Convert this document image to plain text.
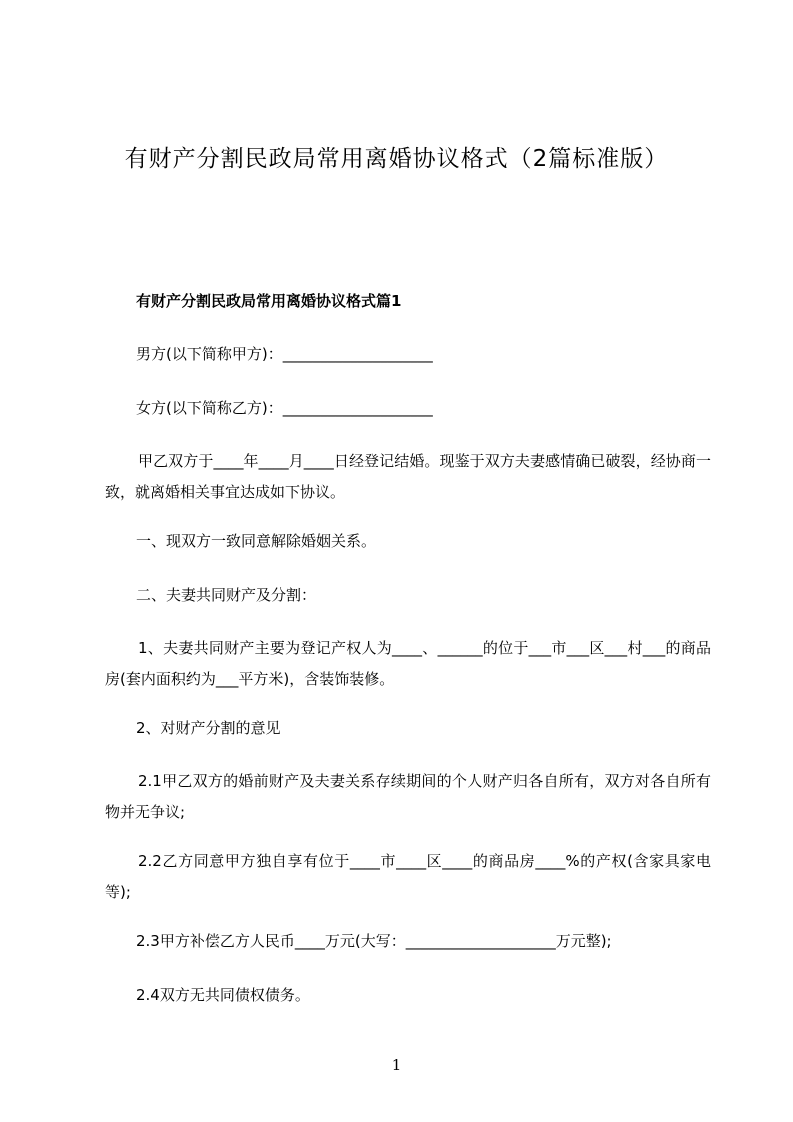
有财产分割民政局常用离婚协议格式（2篇标准版）
有财产分割民政局常用离婚协议格式篇1
男方(以下简称甲方)：____________________
女方(以下简称乙方)：____________________
甲乙双方于____年____月____日经登记结婚。现鉴于双方夫妻感情确已破裂，经协商一致，就离婚相关事宜达成如下协议。
一、现双方一致同意解除婚姻关系。
二、夫妻共同财产及分割：
1、夫妻共同财产主要为登记产权人为____、______的位于___市___区___村___的商品房(套内面积约为___平方米)，含装饰装修。
2、对财产分割的意见
2.1甲乙双方的婚前财产及夫妻关系存续期间的个人财产归各自所有，双方对各自所有物并无争议;
2.2乙方同意甲方独自享有位于____市____区____的商品房____%的产权(含家具家电等);
2.3甲方补偿乙方人民币____万元(大写：____________________万元整);
2.4双方无共同债权债务。
1
